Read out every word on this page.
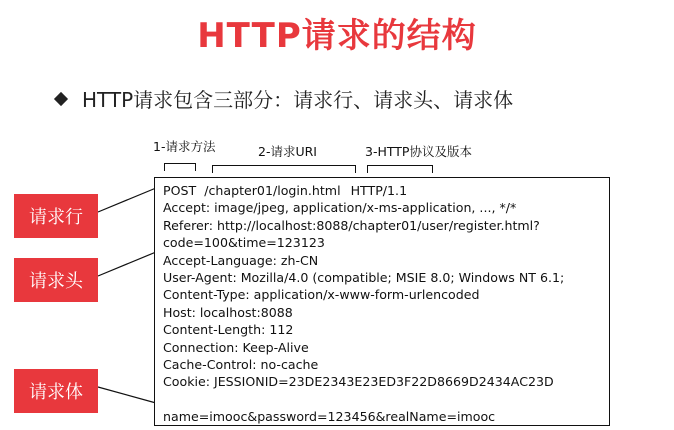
HTTP请求的结构
HTTP请求包含三部分：请求行、请求头、请求体
1-请求方法	2-请求URI	3-HTTP协议及版本
请求行
请求头
请求体
POST /chapter01/login.html HTTP/1.1
Accept: image/jpeg, application/x-ms-application, ..., */*
Referer: http://localhost:8088/chapter01/user/register.html?
code=100&time=123123
Accept-Language: zh-CN
User-Agent: Mozilla/4.0 (compatible; MSIE 8.0; Windows NT 6.1;
Content-Type: application/x-www-form-urlencoded
Host: localhost:8088
Content-Length: 112
Connection: Keep-Alive
Cache-Control: no-cache
Cookie: JESSIONID=23DE2343E23ED3F22D8669D2434AC23D
name=imooc&password=123456&realName=imooc
